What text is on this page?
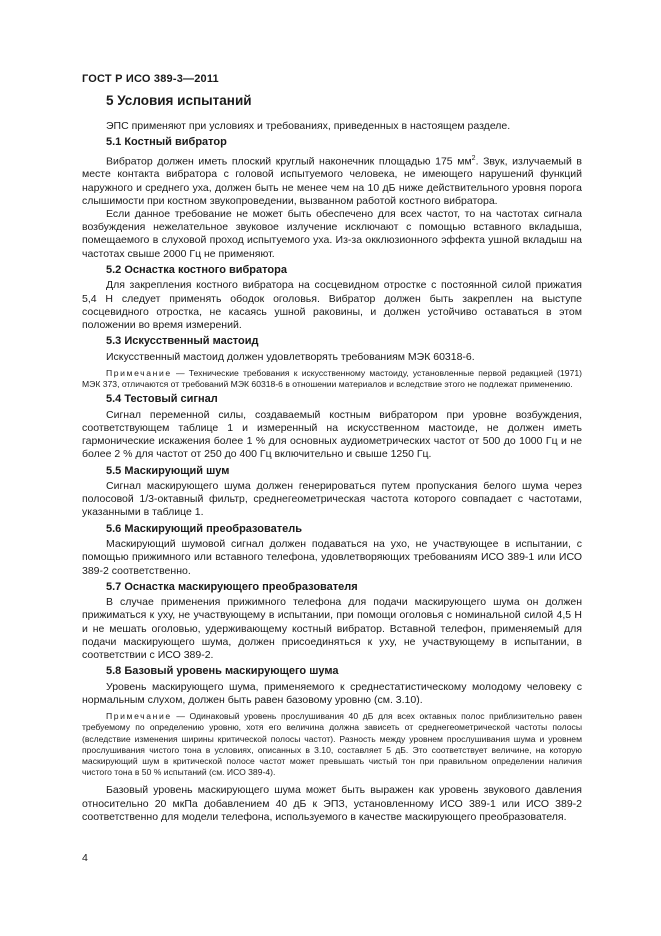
ГОСТ Р ИСО 389-3—2011
5 Условия испытаний

ЭПС применяют при условиях и требованиях, приведенных в настоящем разделе.

5.1 Костный вибратор

Вибратор должен иметь плоский круглый наконечник площадью 175 $мм^2$. Звук, излучаемый в месте контакта вибратора с головой испытуемого человека, не имеющего нарушений функций наружного и среднего уха, должен быть не менее чем на 10 дБ ниже действительного уровня порога слышимости при костном звукопроведении, вызванном работой костного вибратора.

Если данное требование не может быть обеспечено для всех частот, то на частотах сигнала возбуждения нежелательное звуковое излучение исключают с помощью вставного вкладыша, помещаемого в слуховой проход испытуемого уха. Из-за окклюзионного эффекта ушной вкладыш на частотах свыше 2000 Гц не применяют.

5.2 Оснастка костного вибратора

Для закрепления костного вибратора на сосцевидном отростке с постоянной силой прижатия 5,4 Н следует применять ободок оголовья. Вибратор должен быть закреплен на выступе сосцевидного отростка, не касаясь ушной раковины, и должен устойчиво оставаться в этом положении во время измерений.

5.3 Искусственный мастоид

Искусственный мастоид должен удовлетворять требованиям МЭК 60318-6.

Примечание — Технические требования к искусственному мастоиду, установленные первой редакцией (1971) МЭК 373, отличаются от требований МЭК 60318-6 в отношении материалов и вследствие этого не подлежат применению.

5.4 Тестовый сигнал

Сигнал переменной силы, создаваемый костным вибратором при уровне возбуждения, соответствующем таблице 1 и измеренный на искусственном мастоиде, не должен иметь гармонические искажения более 1 % для основных аудиометрических частот от 500 до 1000 Гц и не более 2 % для частот от 250 до 400 Гц включительно и свыше 1250 Гц.

5.5 Маскирующий шум

Сигнал маскирующего шума должен генерироваться путем пропускания белого шума через полосовой 1/3-октавный фильтр, среднегеометрическая частота которого совпадает с частотами, указанными в таблице 1.

5.6 Маскирующий преобразователь

Маскирующий шумовой сигнал должен подаваться на ухо, не участвующее в испытании, с помощью прижимного или вставного телефона, удовлетворяющих требованиям ИСО 389-1 или ИСО 389-2 соответственно.

5.7 Оснастка маскирующего преобразователя

В случае применения прижимного телефона для подачи маскирующего шума он должен прижиматься к уху, не участвующему в испытании, при помощи оголовья с номинальной силой 4,5 Н и не мешать оголовью, удерживающему костный вибратор. Вставной телефон, применяемый для подачи маскирующего шума, должен присоединяться к уху, не участвующему в испытании, в соответствии с ИСО 389-2.

5.8 Базовый уровень маскирующего шума

Уровень маскирующего шума, применяемого к среднестатистическому молодому человеку с нормальным слухом, должен быть равен базовому уровню (см. 3.10).

Примечание — Одинаковый уровень прослушивания 40 дБ для всех октавных полос приблизительно равен требуемому по определению уровню, хотя его величина должна зависеть от среднегеометрической частоты полосы (вследствие изменения ширины критической полосы частот). Разность между уровнем прослушивания шума и уровнем прослушивания чистого тона в условиях, описанных в 3.10, составляет 5 дБ. Это соответствует величине, на которую маскирующий шум в критической полосе частот может превышать чистый тон при правильном определении наличия чистого тона в 50 % испытаний (см. ИСО 389-4).

Базовый уровень маскирующего шума может быть выражен как уровень звукового давления относительно 20 мкПа добавлением 40 дБ к ЭПЗ, установленному ИСО 389-1 или ИСО 389-2 соответственно для модели телефона, используемого в качестве маскирующего преобразователя.

4
